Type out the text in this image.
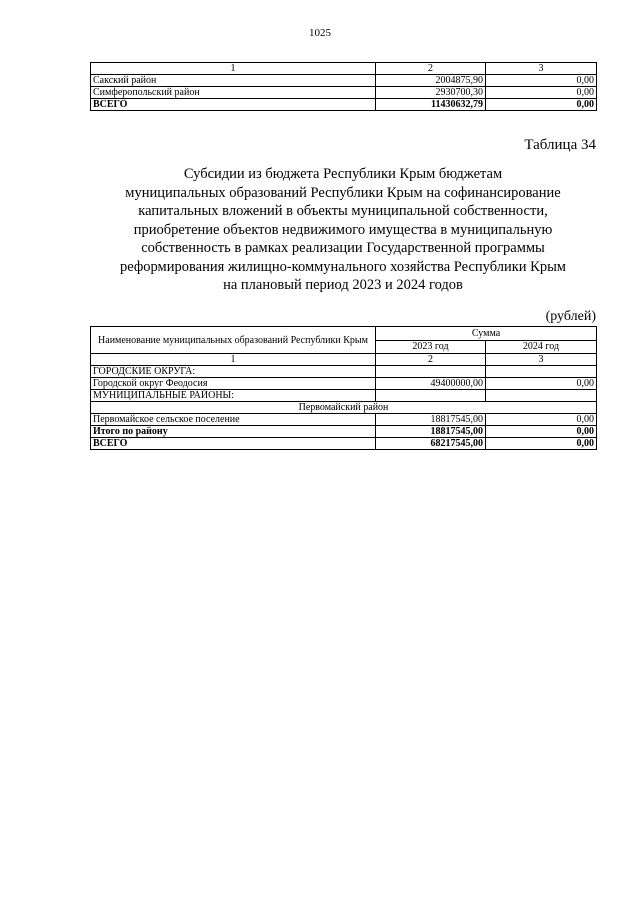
1025
1	2	3
Сакский район	2004875,90	0,00
Симферопольский район	2930700,30	0,00
ВСЕГО	11430632,79	0,00
Таблица 34
Субсидии из бюджета Республики Крым бюджетам
муниципальных образований Республики Крым на софинансирование
капитальных вложений в объекты муниципальной собственности,
приобретение объектов недвижимого имущества в муниципальную
собственность в рамках реализации Государственной программы
реформирования жилищно-коммунального хозяйства Республики Крым
на плановый период 2023 и 2024 годов
(рублей)
Наименование муниципальных образований Республики Крым	Сумма	
	2023 год	2024 год
1	2	3
ГОРОДСКИЕ ОКРУГА:		
Городской округ Феодосия	49400000,00	0,00
МУНИЦИПАЛЬНЫЕ РАЙОНЫ:		
Первомайский район		
Первомайское сельское поселение	18817545,00	0,00
Итого по району	18817545,00	0,00
ВСЕГО	68217545,00	0,00
